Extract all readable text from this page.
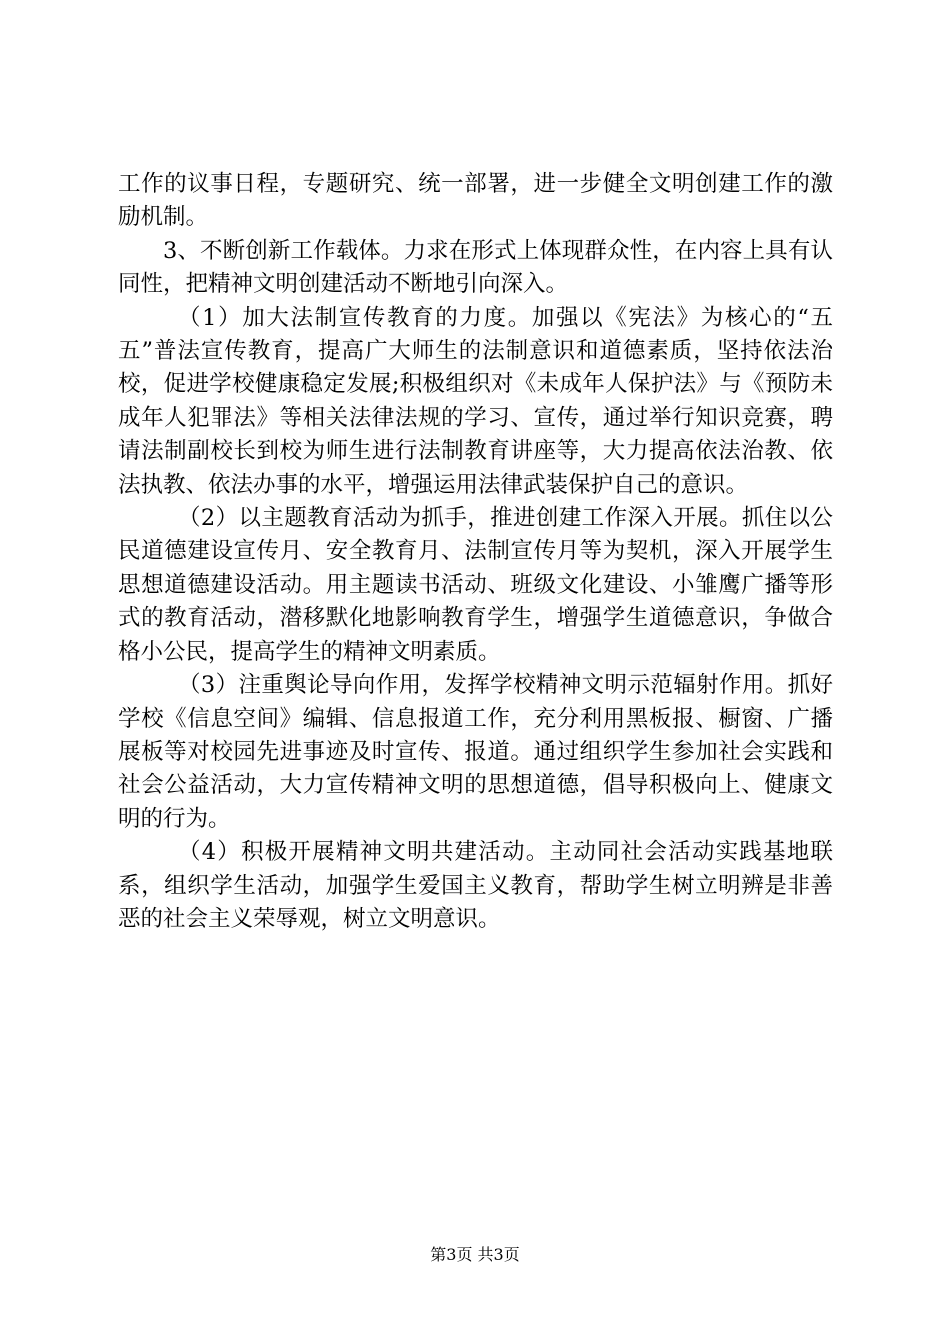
工作的议事日程，专题研究、统一部署，进一步健全文明创建工作的激励机制。

3、不断创新工作载体。力求在形式上体现群众性，在内容上具有认同性，把精神文明创建活动不断地引向深入。

（1）加大法制宣传教育的力度。加强以《宪法》为核心的“五五”普法宣传教育，提高广大师生的法制意识和道德素质，坚持依法治校，促进学校健康稳定发展;积极组织对《未成年人保护法》与《预防未成年人犯罪法》等相关法律法规的学习、宣传，通过举行知识竞赛，聘请法制副校长到校为师生进行法制教育讲座等，大力提高依法治教、依法执教、依法办事的水平，增强运用法律武装保护自己的意识。

（2）以主题教育活动为抓手，推进创建工作深入开展。抓住以公民道德建设宣传月、安全教育月、法制宣传月等为契机，深入开展学生思想道德建设活动。用主题读书活动、班级文化建设、小雏鹰广播等形式的教育活动，潜移默化地影响教育学生，增强学生道德意识，争做合格小公民，提高学生的精神文明素质。

（3）注重舆论导向作用，发挥学校精神文明示范辐射作用。抓好学校《信息空间》编辑、信息报道工作，充分利用黑板报、橱窗、广播展板等对校园先进事迹及时宣传、报道。通过组织学生参加社会实践和社会公益活动，大力宣传精神文明的思想道德，倡导积极向上、健康文明的行为。

（4）积极开展精神文明共建活动。主动同社会活动实践基地联系，组织学生活动，加强学生爱国主义教育，帮助学生树立明辨是非善恶的社会主义荣辱观，树立文明意识。

第3页 共3页
